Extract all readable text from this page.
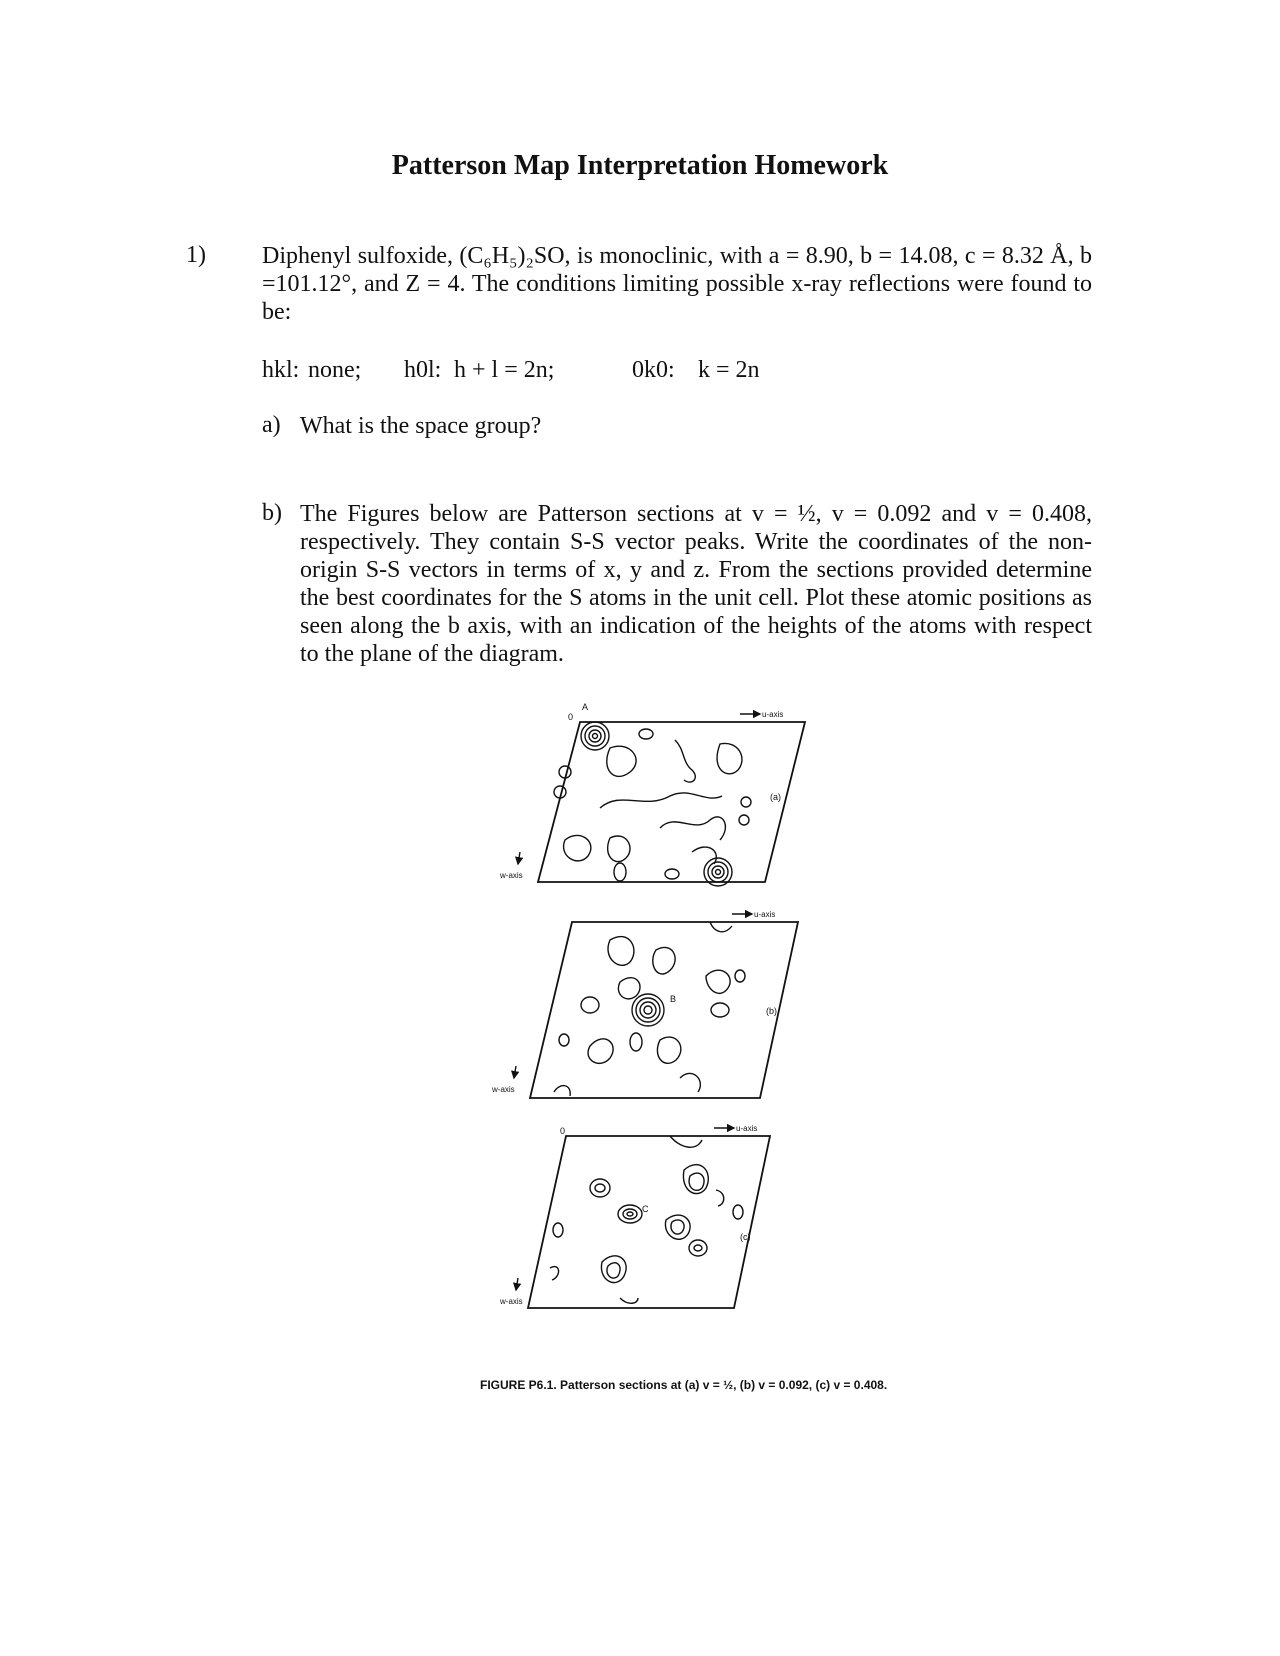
Patterson Map Interpretation Homework
1) Diphenyl sulfoxide, (C₆H₅)₂SO, is monoclinic, with a = 8.90, b = 14.08, c = 8.32 Å, b =101.12°, and Z = 4. The conditions limiting possible x-ray reflections were found to be:
hkl: none; h0l: h + l = 2n;	0k0: k = 2n
a) What is the space group?
b) The Figures below are Patterson sections at v = ½, v = 0.092 and v = 0.408, respectively. They contain S-S vector peaks. Write the coordinates of the non-origin S-S vectors in terms of x, y and z. From the sections provided determine the best coordinates for the S atoms in the unit cell. Plot these atomic positions as seen along the b axis, with an indication of the heights of the atoms with respect to the plane of the diagram.
0
A
u-axis
w-axis
(a)
u-axis
w-axis
(b)
B
0	u-axis
w-axis
(c)
C
FIGURE P6.1. Patterson sections at (a) v = ½, (b) v = 0.092, (c) v = 0.408.
